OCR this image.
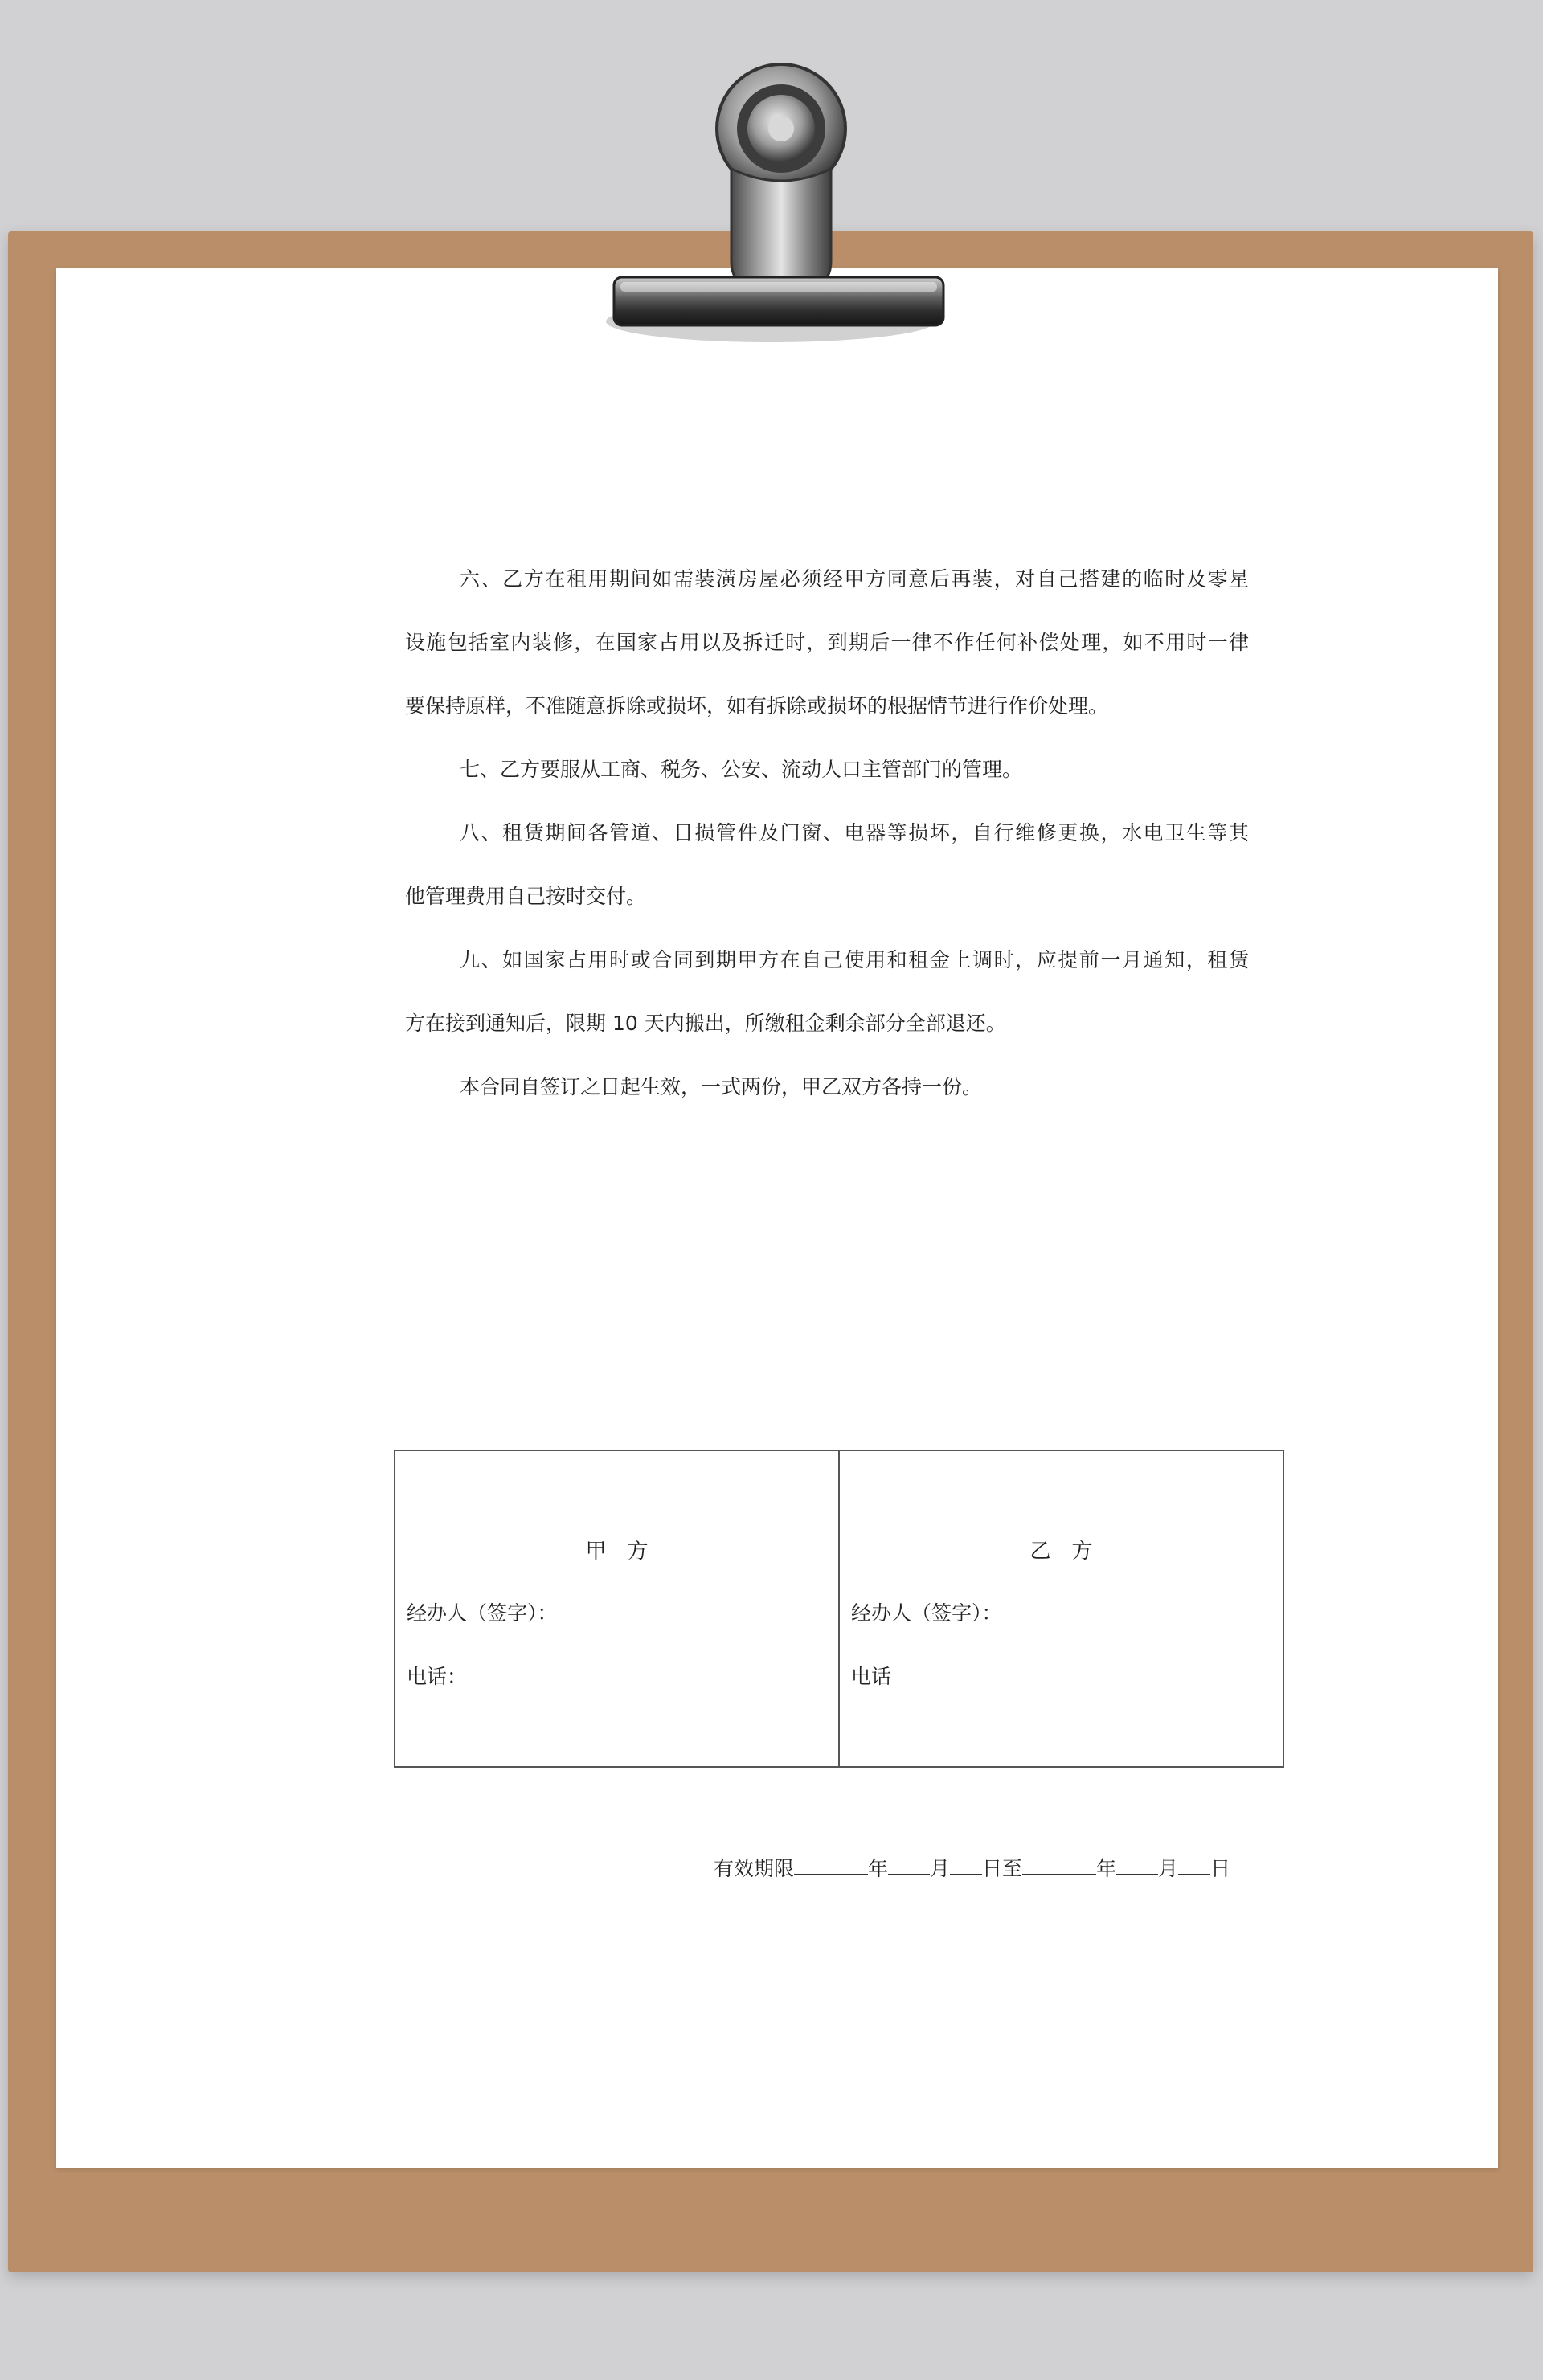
六、乙方在租用期间如需装潢房屋必须经甲方同意后再装，对自己搭建的临时及零星
设施包括室内装修，在国家占用以及拆迁时，到期后一律不作任何补偿处理，如不用时一律
要保持原样，不准随意拆除或损坏，如有拆除或损坏的根据情节进行作价处理。
七、乙方要服从工商、税务、公安、流动人口主管部门的管理。
八、租赁期间各管道、日损管件及门窗、电器等损坏，自行维修更换，水电卫生等其
他管理费用自己按时交付。
九、如国家占用时或合同到期甲方在自己使用和租金上调时，应提前一月通知，租赁
方在接到通知后，限期 10 天内搬出，所缴租金剩余部分全部退还。
本合同自签订之日起生效，一式两份，甲乙双方各持一份。
甲　方
经办人（签字）：
电话：

乙　方
经办人（签字）：
电话
有效期限	年 月 日至	年 月 日
